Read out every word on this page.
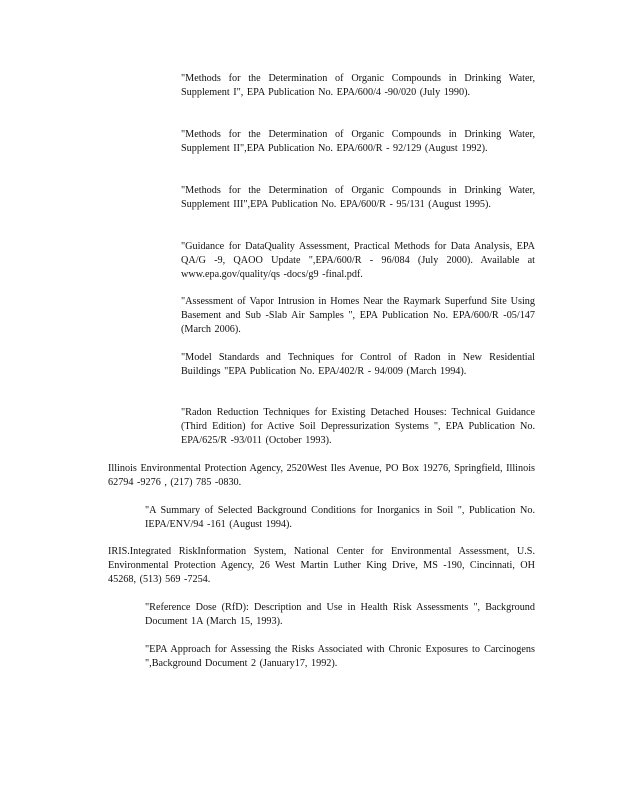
"Methods for the Determination of Organic Compounds in Drinking Water, Supplement I", EPA Publication No. EPA/600/4 -90/020 (July 1990).

"Methods for the Determination of Organic Compounds in Drinking Water, Supplement II",EPA Publication No. EPA/600/R - 92/129 (August 1992).

"Methods for the Determination of Organic Compounds in Drinking Water, Supplement III",EPA Publication No. EPA/600/R - 95/131 (August 1995).

"Guidance for DataQuality Assessment, Practical Methods for Data Analysis, EPA QA/G -9, QAOO Update ",EPA/600/R - 96/084 (July 2000). Available at www.epa.gov/quality/qs -docs/g9 -final.pdf.

"Assessment of Vapor Intrusion in Homes Near the Raymark Superfund Site Using Basement and Sub -Slab Air Samples ", EPA Publication No. EPA/600/R -05/147 (March 2006).

"Model Standards and Techniques for Control of Radon in New Residential Buildings "EPA Publication No. EPA/402/R - 94/009 (March 1994).

"Radon Reduction Techniques for Existing Detached Houses: Technical Guidance (Third Edition) for Active Soil Depressurization Systems ", EPA Publication No. EPA/625/R -93/011 (October 1993).

Illinois Environmental Protection Agency, 2520West Iles Avenue, PO Box 19276, Springfield, Illinois 62794 -9276 , (217) 785 -0830.

"A Summary of Selected Background Conditions for Inorganics in Soil ", Publication No. IEPA/ENV/94 -161 (August 1994).

IRIS.Integrated RiskInformation System, National Center for Environmental Assessment, U.S. Environmental Protection Agency, 26 West Martin Luther King Drive, MS -190, Cincinnati, OH 45268, (513) 569 -7254.

"Reference Dose (RfD): Description and Use in Health Risk Assessments ", Background Document 1A (March 15, 1993).

"EPA Approach for Assessing the Risks Associated with Chronic Exposures to Carcinogens ",Background Document 2 (January17, 1992).
